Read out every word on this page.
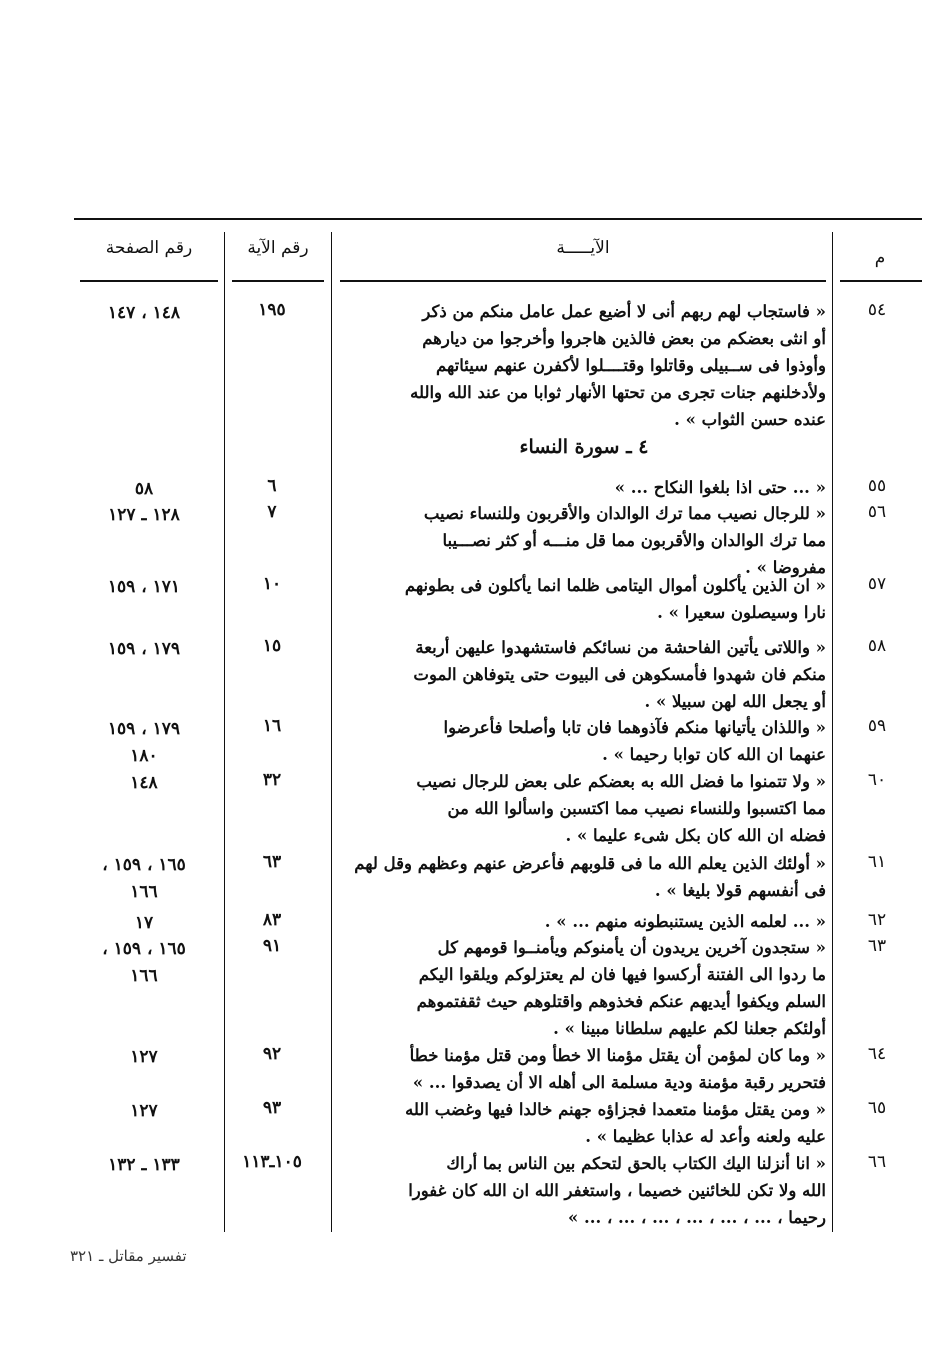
م
الآيـــــة
رقم الآية
رقم الصفحة
٤ ـ سورة النساء
٥٤
« فاستجاب لهم ربهم أنى لا أضيع عمل عامل منكم من ذكر
أو انثى بعضكم من بعض فالذين هاجروا وأخرجوا من ديارهم
وأوذوا فى ســبيلى وقاتلوا وقتــــلوا لأكفرن عنهم سيئاتهم
ولأدخلنهم جنات تجرى من تحتها الأنهار ثوابا من عند الله والله
عنده حسن الثواب » .
١٩٥
١٤٨ ، ١٤٧
٥٥
« ... حتى اذا بلغوا النكاح ... »
٦
٥٨
٥٦
« للرجال نصيب مما ترك الوالدان والأقربون وللنساء نصيب
مما ترك الوالدان والأقربون مما قل منـــه أو كثر نصـــيبا
مفروضا » .
٧
١٢٨ ـ ١٢٧
٥٧
« ان الذين يأكلون أموال اليتامى ظلما انما يأكلون فى بطونهم
نارا وسيصلون سعيرا » .
١٠
١٧١ ، ١٥٩
٥٨
« واللاتى يأتين الفاحشة من نسائكم فاستشهدوا عليهن أربعة
منكم فان شهدوا فأمسكوهن فى البيوت حتى يتوفاهن الموت
أو يجعل الله لهن سبيلا » .
١٥
١٧٩ ، ١٥٩
٥٩
« واللذان يأتيانها منكم فآذوهما فان تابا وأصلحا فأعرضوا
عنهما ان الله كان توابا رحيما » .
١٦
١٧٩ ، ١٥٩
١٨٠
٦٠
« ولا تتمنوا ما فضل الله به بعضكم على بعض للرجال نصيب
مما اكتسبوا وللنساء نصيب مما اكتسبن واسألوا الله من
فضله ان الله كان بكل شىء عليما » .
٣٢
١٤٨
٦١
« أولئك الذين يعلم الله ما فى قلوبهم فأعرض عنهم وعظهم وقل لهم
فى أنفسهم قولا بليغا » .
٦٣
١٦٥ ، ١٥٩ ،
١٦٦
٦٢
« ... لعلمه الذين يستنبطونه منهم ... » .
٨٣
١٧
٦٣
« ستجدون آخرين يريدون أن يأمنوكم ويأمنــوا قومهم كل
ما ردوا الى الفتنة أركسوا فيها فان لم يعتزلوكم ويلقوا اليكم
السلم ويكفوا أيديهم عنكم فخذوهم واقتلوهم حيث ثقفتموهم
أولئكم جعلنا لكم عليهم سلطانا مبينا » .
٩١
١٦٥ ، ١٥٩ ،
١٦٦
٦٤
« وما كان لمؤمن أن يقتل مؤمنا الا خطأ ومن قتل مؤمنا خطأ
فتحرير رقبة مؤمنة ودية مسلمة الى أهله الا أن يصدقوا ... »
٩٢
١٢٧
٦٥
« ومن يقتل مؤمنا متعمدا فجزاؤه جهنم خالدا فيها وغضب الله
عليه ولعنه وأعد له عذابا عظيما » .
٩٣
١٢٧
٦٦
« انا أنزلنا اليك الكتاب بالحق لتحكم بين الناس بما أراك
الله ولا تكن للخائنين خصيما ، واستغفر الله ان الله كان غفورا
رحيما ، ... ، ... ، ... ، ... ، ... ، ... »
١٠٥ـ١١٣
١٣٣ ـ ١٣٢
تفسير مقاتل ـ ٣٢١
